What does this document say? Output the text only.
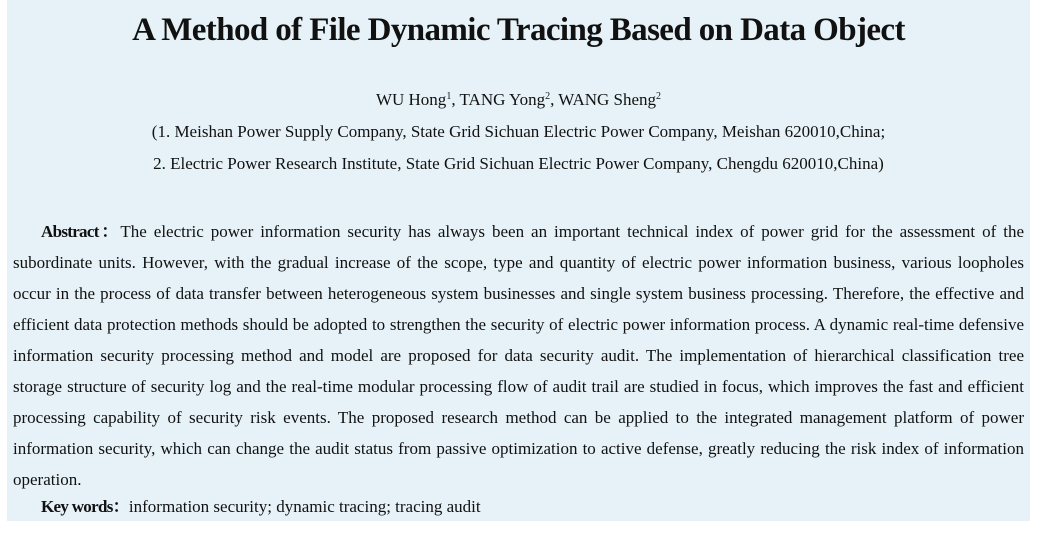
A Method of File Dynamic Tracing Based on Data Object
WU Hong$^1$, TANG Yong$^2$, WANG Sheng$^2$
(1. Meishan Power Supply Company, State Grid Sichuan Electric Power Company, Meishan 620010,China;
2. Electric Power Research Institute, State Grid Sichuan Electric Power Company, Chengdu 620010,China)

Abstract：The electric power information security has always been an important technical index of power grid for the assessment of the subordinate units. However, with the gradual increase of the scope, type and quantity of electric power information business, various loopholes occur in the process of data transfer between heterogeneous system businesses and single system business processing. Therefore, the effective and efficient data protection methods should be adopted to strengthen the security of electric power information process. A dynamic real-time defensive information security processing method and model are proposed for data security audit. The implementation of hierarchical classification tree storage structure of security log and the real-time modular processing flow of audit trail are studied in focus, which improves the fast and efficient processing capability of security risk events. The proposed research method can be applied to the integrated management platform of power information security, which can change the audit status from passive optimization to active defense, greatly reducing the risk index of information operation.

Key words：information security; dynamic tracing; tracing audit
